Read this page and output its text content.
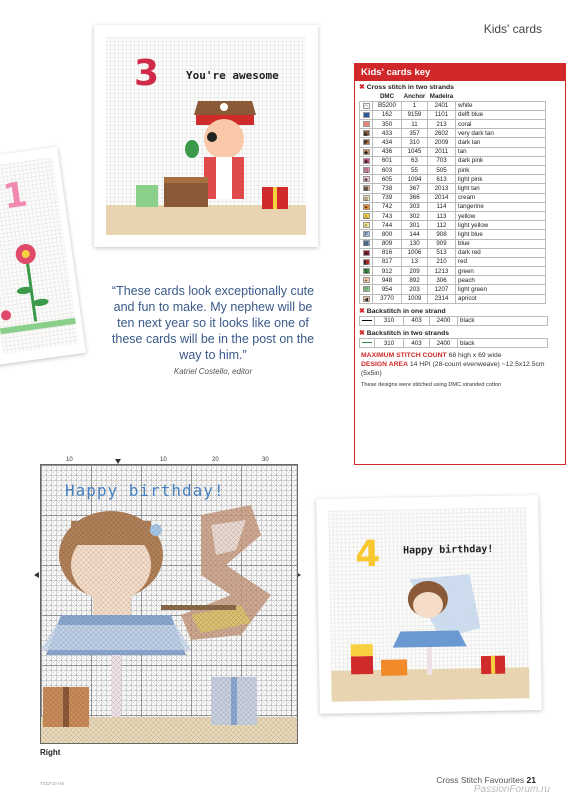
Kids' cards
1
3 You're awesome
“These cards look exceptionally cute and fun to make. My nephew will be ten next year so it looks like one of these cards will be in the post on the way to him.”
Katriel Costello, editor
Kids' cards key
✖ Cross stitch in two strands
	DMC	Anchor	Madeira	
◠	B5200	1	2401	white
ı	162	9159	1101	delft blue
·	350	11	213	coral
◣	433	357	2602	very dark tan
◤	434	310	2009	dark tan
◆	436	1045	2011	tan
■	601	63	703	dark pink
◫	603	55	505	pink
◈	605	1094	613	light pink
▦	738	367	2013	light tan
◎	739	366	2014	cream
✦	742	303	114	tangerine
△	743	302	113	yellow
✧	744	301	112	light yellow
P	800	144	908	light blue
▥	809	130	909	blue
●	816	1006	513	dark red
◧	817	13	210	red
$	912	209	1213	green
+	948	892	306	peach
▽	954	203	1207	light green
◀	3770	1009	2314	apricot
✖ Backstitch in one strand
	310	403	2400	black
✖ Backstitch in two strands
	310	403	2400	black
MAXIMUM STITCH COUNT 68 high x 69 wide
DESIGN AREA 14 HPI (28-count evenweave) ~12.5x12.5cm (5x5in)
These designs were stitched using DMC stranded cotton
10	10	20	30
Right
4 Happy birthday!
TSCF19 H8	Cross Stitch Favourites 21
PassionForum.ru
